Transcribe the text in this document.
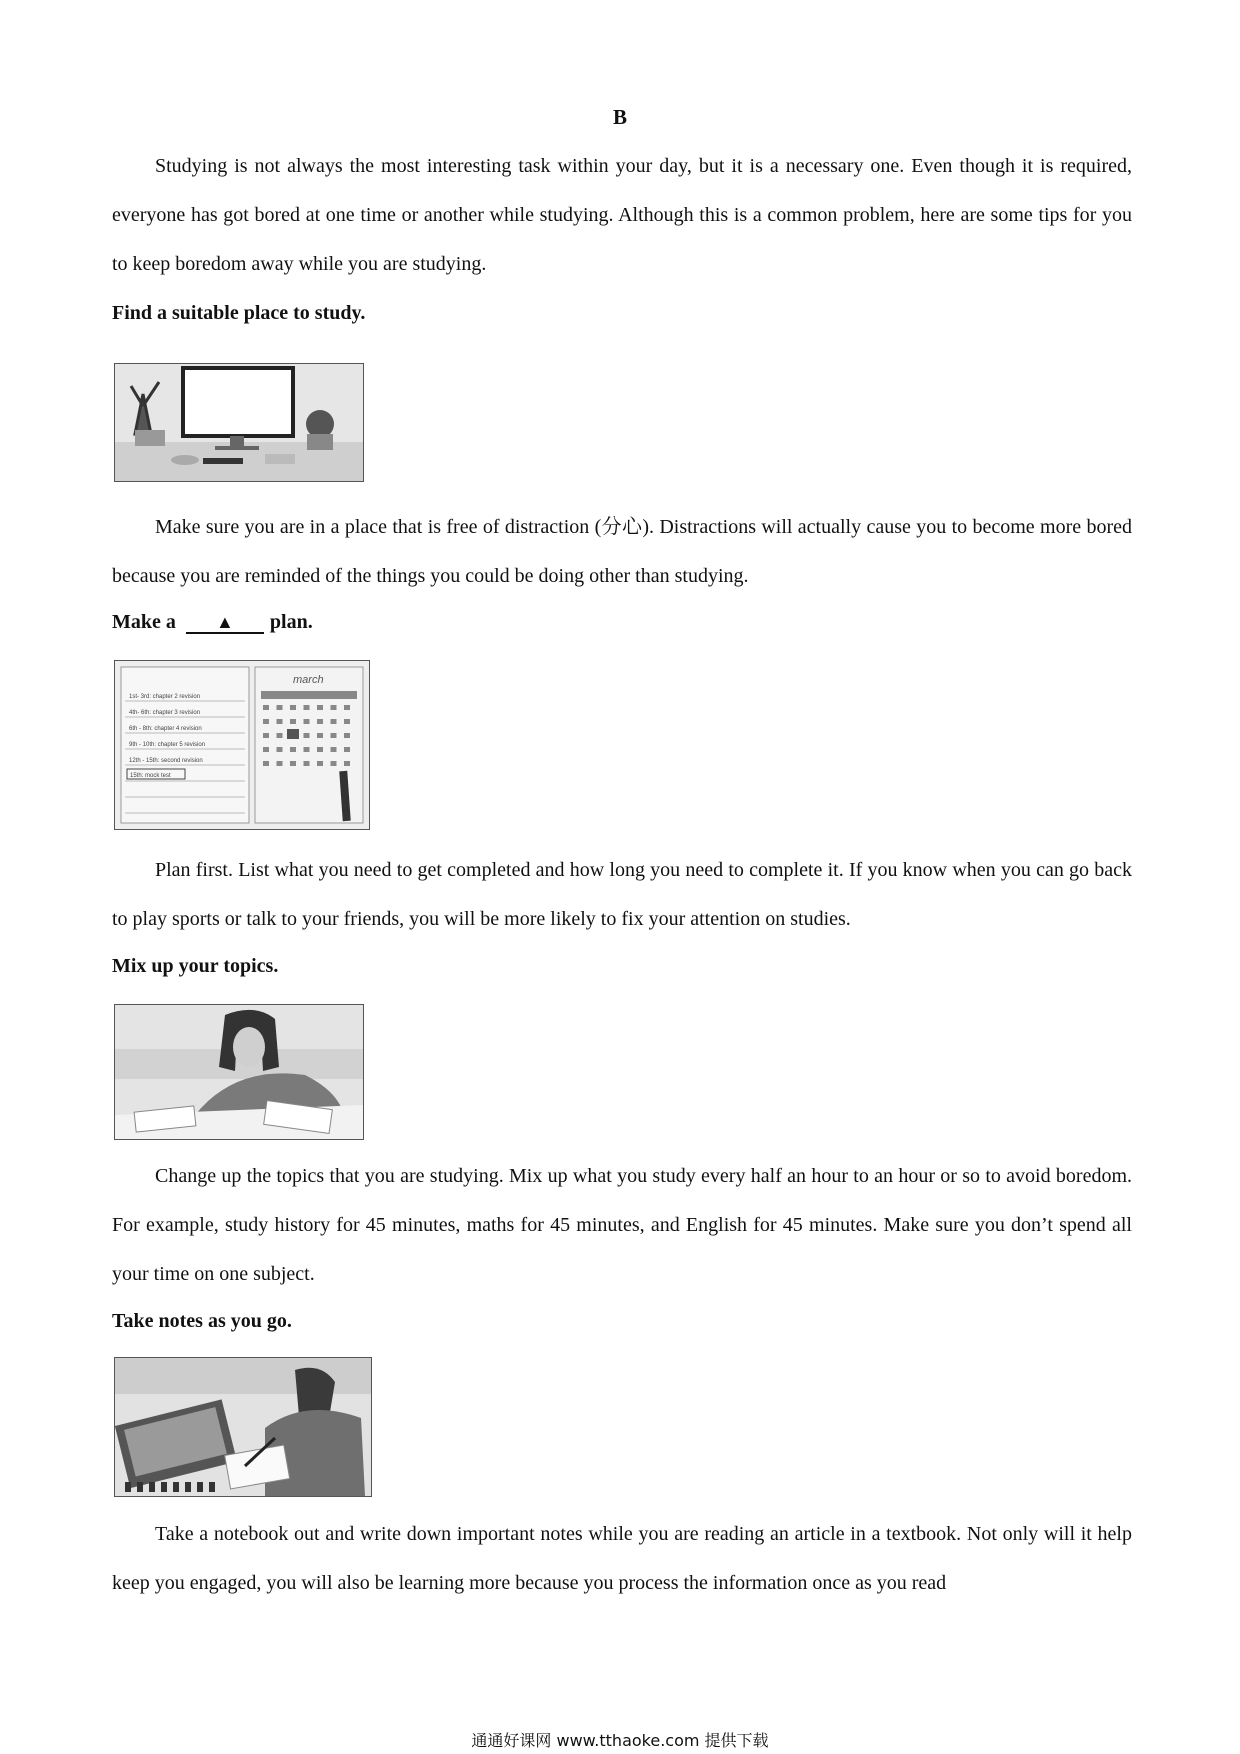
B

Studying is not always the most interesting task within your day, but it is a necessary one. Even though it is required, everyone has got bored at one time or another while studying. Although this is a common problem, here are some tips for you to keep boredom away while you are studying.

Find a suitable place to study.

Make sure you are in a place that is free of distraction (分心). Distractions will actually cause you to become more bored because you are reminded of the things you could be doing other than studying.

Make a ▲ plan.

1st- 3rd: chapter 2 revision
4th- 6th: chapter 3 revision
6th - 8th: chapter 4 revision
9th - 10th: chapter 5 revision
12th - 15th: second revision
15th: mock test
march

Plan first. List what you need to get completed and how long you need to complete it. If you know when you can go back to play sports or talk to your friends, you will be more likely to fix your attention on studies.

Mix up your topics.

Change up the topics that you are studying. Mix up what you study every half an hour to an hour or so to avoid boredom. For example, study history for 45 minutes, maths for 45 minutes, and English for 45 minutes. Make sure you don’t spend all your time on one subject.

Take notes as you go.

Take a notebook out and write down important notes while you are reading an article in a textbook. Not only will it help keep you engaged, you will also be learning more because you process the information once as you read

通通好课网 www.tthaoke.com 提供下载
